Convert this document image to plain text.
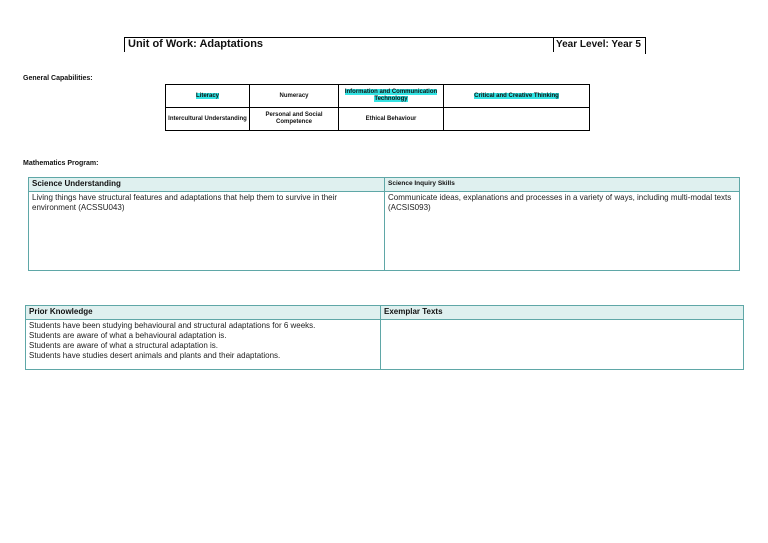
Unit of Work: Adaptations	Year Level: Year 5
General Capabilities:
Literacy	Numeracy	Information and Communication Technology	Critical and Creative Thinking
Intercultural Understanding	Personal and Social Competence	Ethical Behaviour	
Mathematics Program:
Science Understanding	Science Inquiry Skills
Living things have structural features and adaptations that help them to survive in their environment (ACSSU043)	Communicate ideas, explanations and processes in a variety of ways, including multi-modal texts (ACSIS093)
Prior Knowledge	Exemplar Texts

Students have been studying behavioural and structural adaptations for 6 weeks.
Students are aware of what a behavioural adaptation is.
Students are aware of what a structural adaptation is.
Students have studies desert animals and plants and their adaptations.	
